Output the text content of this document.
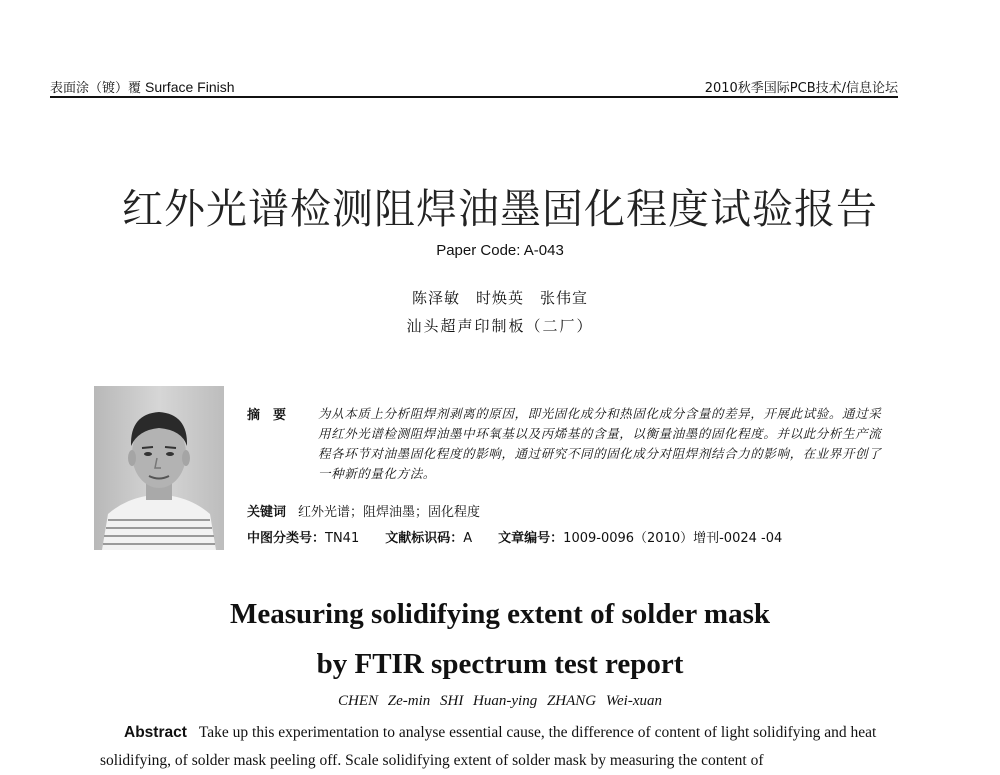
表面涂（镀）覆 Surface Finish	2010秋季国际PCB技术/信息论坛
红外光谱检测阻焊油墨固化程度试验报告
Paper Code: A-043
陈泽敏　时焕英　张伟宣
汕头超声印制板（二厂）
摘　要	为从本质上分析阻焊剂剥离的原因，即光固化成分和热固化成分含量的差异，开展此试验。通过采用红外光谱检测阻焊油墨中环氧基以及丙烯基的含量，以衡量油墨的固化程度。并以此分析生产流程各环节对油墨固化程度的影响，通过研究不同的固化成分对阻焊剂结合力的影响，在业界开创了一种新的量化方法。
关键词 红外光谱；阻焊油墨；固化程度
中图分类号：TN41 文献标识码：A 文章编号：1009-0096（2010）增刊-0024 -04
Measuring solidifying extent of solder mask
by FTIR spectrum test report
CHEN Ze-min SHI Huan-ying ZHANG Wei-xuan
Abstract Take up this experimentation to analyse essential cause, the difference of content of light solidifying and heat solidifying, of solder mask peeling off. Scale solidifying extent of solder mask by measuring the content of
